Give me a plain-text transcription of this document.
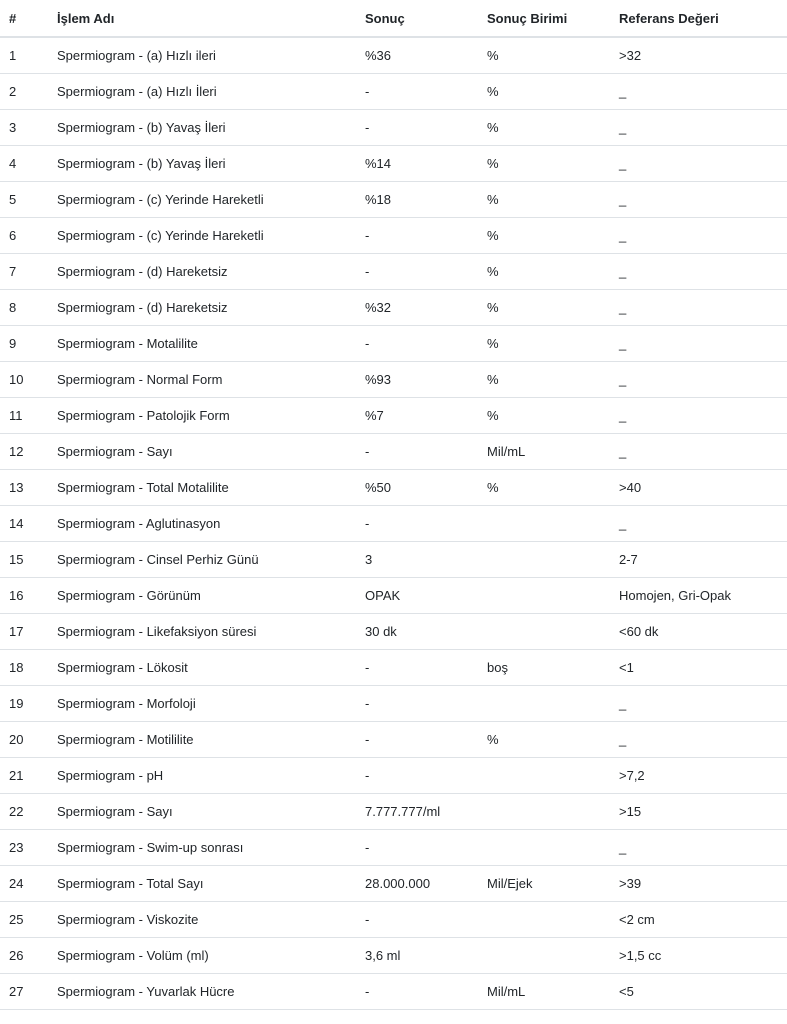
#	İşlem Adı	Sonuç	Sonuç Birimi	Referans Değeri
1	Spermiogram - (a) Hızlı ileri	%36	%	>32
2	Spermiogram - (a) Hızlı İleri	-	%	_
3	Spermiogram - (b) Yavaş İleri	-	%	_
4	Spermiogram - (b) Yavaş İleri	%14	%	_
5	Spermiogram - (c) Yerinde Hareketli	%18	%	_
6	Spermiogram - (c) Yerinde Hareketli	-	%	_
7	Spermiogram - (d) Hareketsiz	-	%	_
8	Spermiogram - (d) Hareketsiz	%32	%	_
9	Spermiogram - Motalilite	-	%	_
10	Spermiogram - Normal Form	%93	%	_
11	Spermiogram - Patolojik Form	%7	%	_
12	Spermiogram - Sayı	-	Mil/mL	_
13	Spermiogram - Total Motalilite	%50	%	>40
14	Spermiogram - Aglutinasyon	-		_
15	Spermiogram - Cinsel Perhiz Günü	3		2-7
16	Spermiogram - Görünüm	OPAK		Homojen, Gri-Opak
17	Spermiogram - Likefaksiyon süresi	30 dk		<60 dk
18	Spermiogram - Lökosit	-	boş	<1
19	Spermiogram - Morfoloji	-		_
20	Spermiogram - Motililite	-	%	_
21	Spermiogram - pH	-		>7,2
22	Spermiogram - Sayı	7.777.777/ml		>15
23	Spermiogram - Swim-up sonrası	-		_
24	Spermiogram - Total Sayı	28.000.000	Mil/Ejek	>39
25	Spermiogram - Viskozite	-		<2 cm
26	Spermiogram - Volüm (ml)	3,6 ml		>1,5 cc
27	Spermiogram - Yuvarlak Hücre	-	Mil/mL	<5
